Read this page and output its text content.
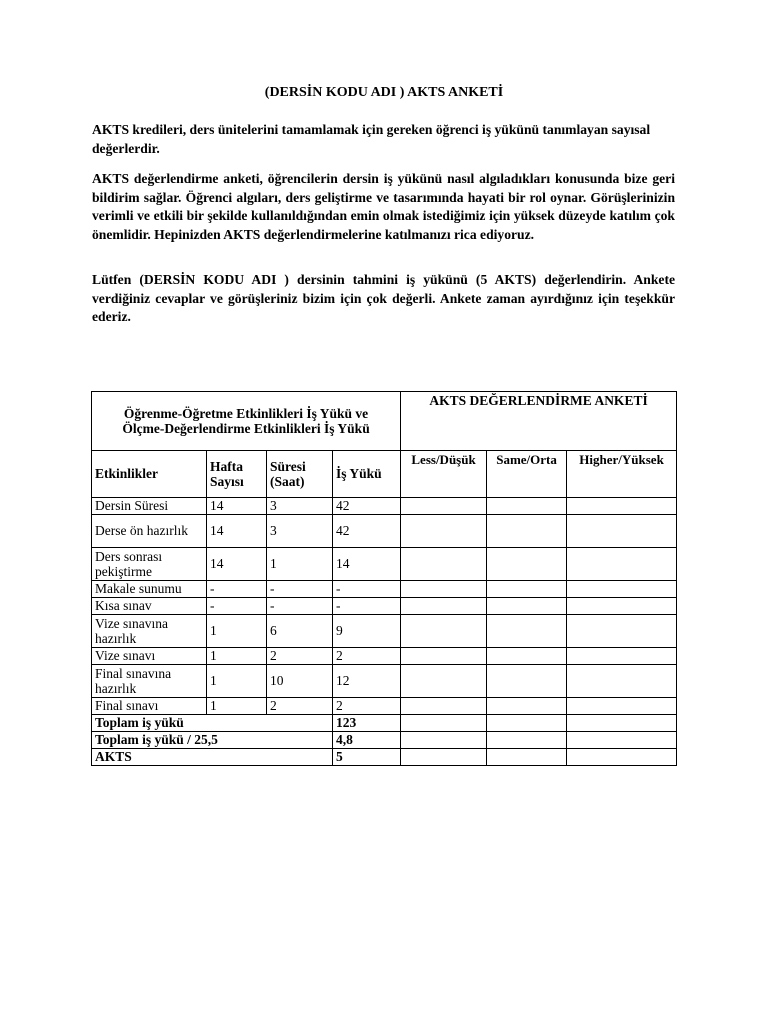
(DERSİN KODU ADI ) AKTS ANKETİ

AKTS kredileri, ders ünitelerini tamamlamak için gereken öğrenci iş yükünü tanımlayan sayısal değerlerdir.

AKTS değerlendirme anketi, öğrencilerin dersin iş yükünü nasıl algıladıkları konusunda bize geri bildirim sağlar. Öğrenci algıları, ders geliştirme ve tasarımında hayati bir rol oynar. Görüşlerinizin verimli ve etkili bir şekilde kullanıldığından emin olmak istediğimiz için yüksek düzeyde katılım çok önemlidir. Hepinizden AKTS değerlendirmelerine katılmanızı rica ediyoruz.

Lütfen (DERSİN KODU ADI ) dersinin tahmini iş yükünü (5 AKTS) değerlendirin. Ankete verdiğiniz cevaplar ve görüşleriniz bizim için çok değerli. Ankete zaman ayırdığınız için teşekkür ederiz.

Öğrenme-Öğretme Etkinlikleri İş Yükü ve
Ölçme-Değerlendirme Etkinlikleri İş Yükü				AKTS DEĞERLENDİRME ANKETİ		
Etkinlikler	Hafta Sayısı	Süresi (Saat)	İş Yükü	Less/Düşük	Same/Orta	Higher/Yüksek
Dersin Süresi	14	3	42			
Derse ön hazırlık	14	3	42			
Ders sonrası pekiştirme	14	1	14			
Makale sunumu	-	-	-			
Kısa sınav	-	-	-			
Vize sınavına hazırlık	1	6	9			
Vize sınavı	1	2	2			
Final sınavına hazırlık	1	10	12			
Final sınavı	1	2	2			
Toplam iş yükü			123			
Toplam iş yükü / 25,5			4,8			
AKTS			5			
